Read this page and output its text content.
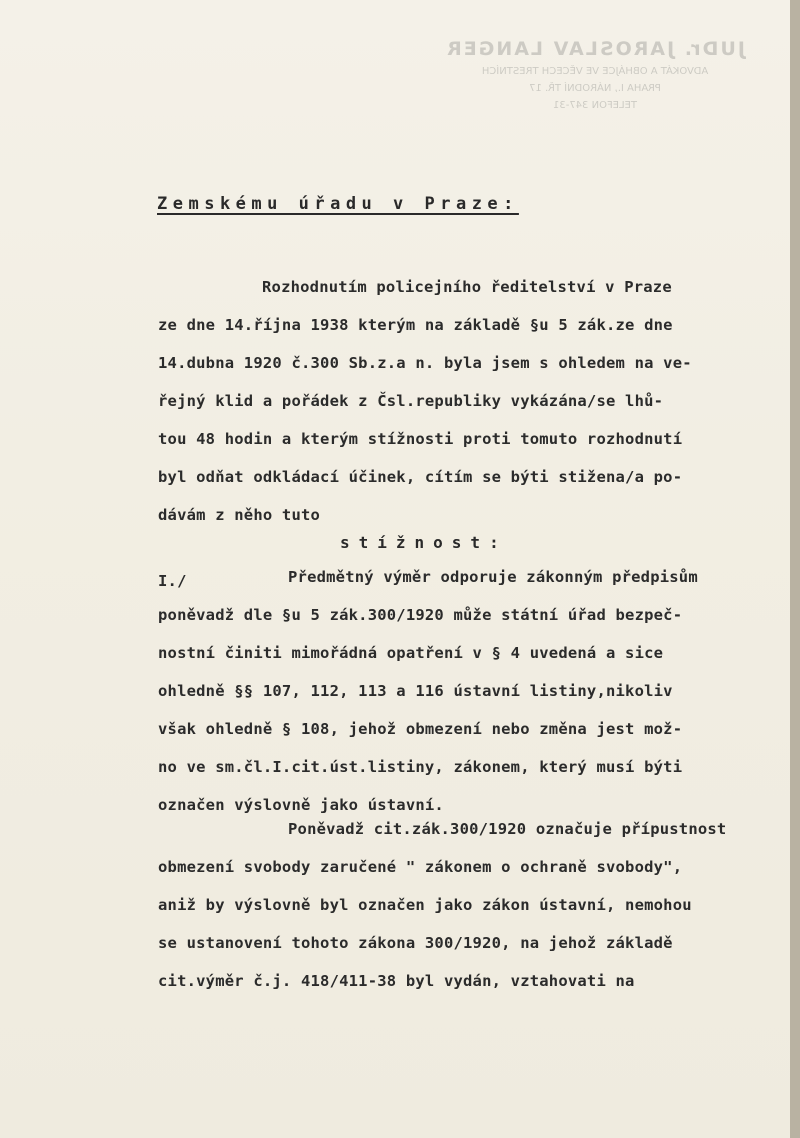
JUDr. JAROSLAV LANGER
ADVOKÁT A OBHÁJCE VE VĚCECH TRESTNÍCH
PRAHA I., NÁRODNÍ TŘ. 17
TELEFON 347-31
Zemskému úřadu v Praze:
Rozhodnutím policejního ředitelství v Praze
ze dne 14.října 1938 kterým na základě §u 5 zák.ze dne
14.dubna 1920 č.300 Sb.z.a n. byla jsem s ohledem na ve-
řejný klid a pořádek z Čsl.republiky vykázána/se lhů-
tou 48 hodin a kterým stížnosti proti tomuto rozhodnutí
byl odňat odkládací účinek, cítím se býti stižena/a po-
dávám z něho tuto
stížnost:
I./	Předmětný výměr odporuje zákonným předpisům
poněvadž dle §u 5 zák.300/1920 může státní úřad bezpeč-
nostní činiti mimořádná opatření v § 4 uvedená a sice
ohledně §§ 107, 112, 113 a 116 ústavní listiny,nikoliv
však ohledně § 108, jehož obmezení nebo změna jest mož-
no ve sm.čl.I.cit.úst.listiny, zákonem, který musí býti
označen výslovně jako ústavní.
Poněvadž cit.zák.300/1920 označuje přípustnost
obmezení svobody zaručené " zákonem o ochraně svobody",
aniž by výslovně byl označen jako zákon ústavní, nemohou
se ustanovení tohoto zákona 300/1920, na jehož základě
cit.výměr č.j. 418/411-38 byl vydán, vztahovati na
